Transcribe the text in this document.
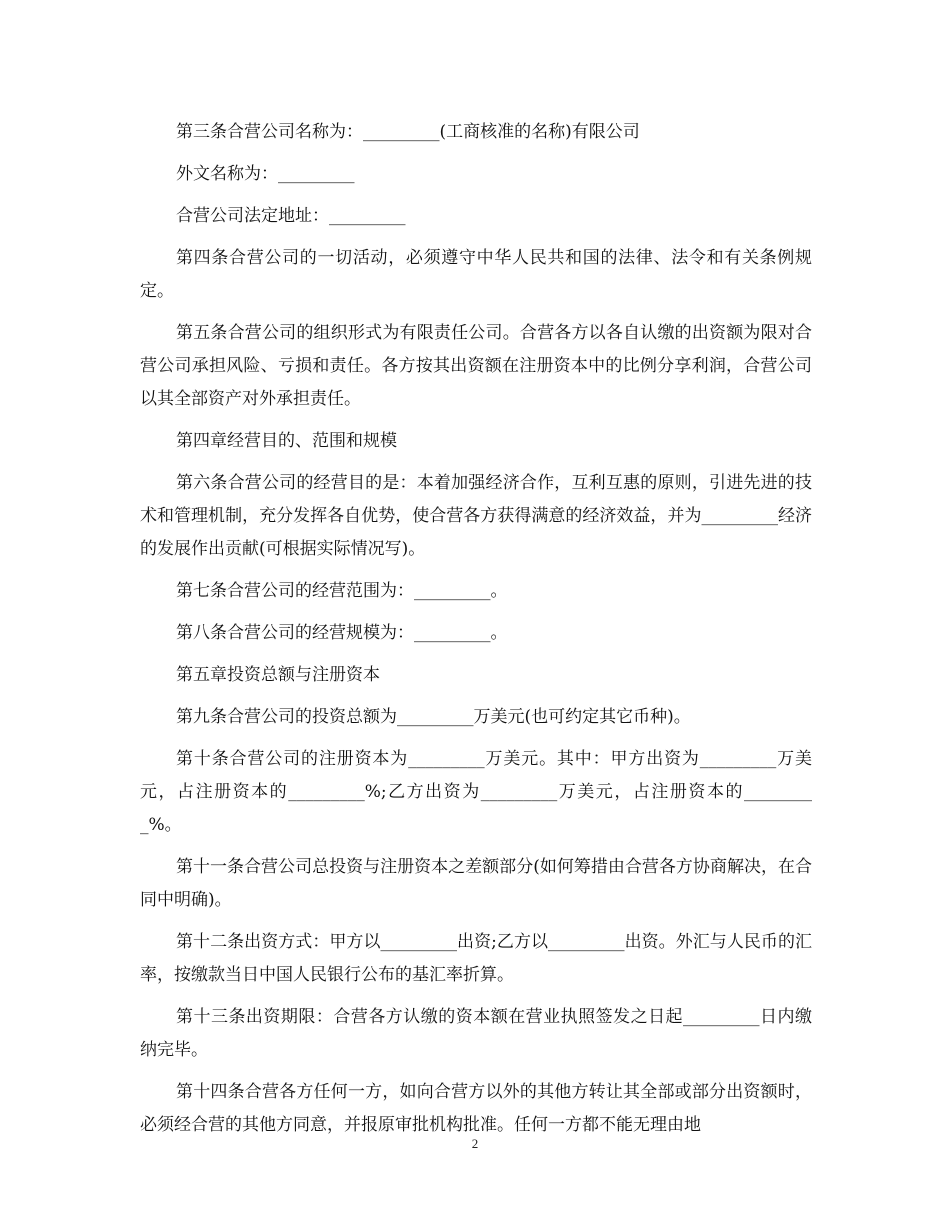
第三条合营公司名称为：_________(工商核准的名称)有限公司

外文名称为：_________

合营公司法定地址：_________

第四条合营公司的一切活动，必须遵守中华人民共和国的法律、法令和有关条例规定。

第五条合营公司的组织形式为有限责任公司。合营各方以各自认缴的出资额为限对合营公司承担风险、亏损和责任。各方按其出资额在注册资本中的比例分享利润，合营公司以其全部资产对外承担责任。

第四章经营目的、范围和规模

第六条合营公司的经营目的是：本着加强经济合作，互利互惠的原则，引进先进的技术和管理机制，充分发挥各自优势，使合营各方获得满意的经济效益，并为_________经济的发展作出贡献(可根据实际情况写)。

第七条合营公司的经营范围为：_________。

第八条合营公司的经营规模为：_________。

第五章投资总额与注册资本

第九条合营公司的投资总额为_________万美元(也可约定其它币种)。

第十条合营公司的注册资本为_________万美元。其中：甲方出资为_________万美元，占注册资本的_________%;乙方出资为_________万美元，占注册资本的_________%。

第十一条合营公司总投资与注册资本之差额部分(如何筹措由合营各方协商解决，在合同中明确)。

第十二条出资方式：甲方以_________出资;乙方以_________出资。外汇与人民币的汇率，按缴款当日中国人民银行公布的基汇率折算。

第十三条出资期限：合营各方认缴的资本额在营业执照签发之日起_________日内缴纳完毕。

第十四条合营各方任何一方，如向合营方以外的其他方转让其全部或部分出资额时，必须经合营的其他方同意，并报原审批机构批准。任何一方都不能无理由地

2
